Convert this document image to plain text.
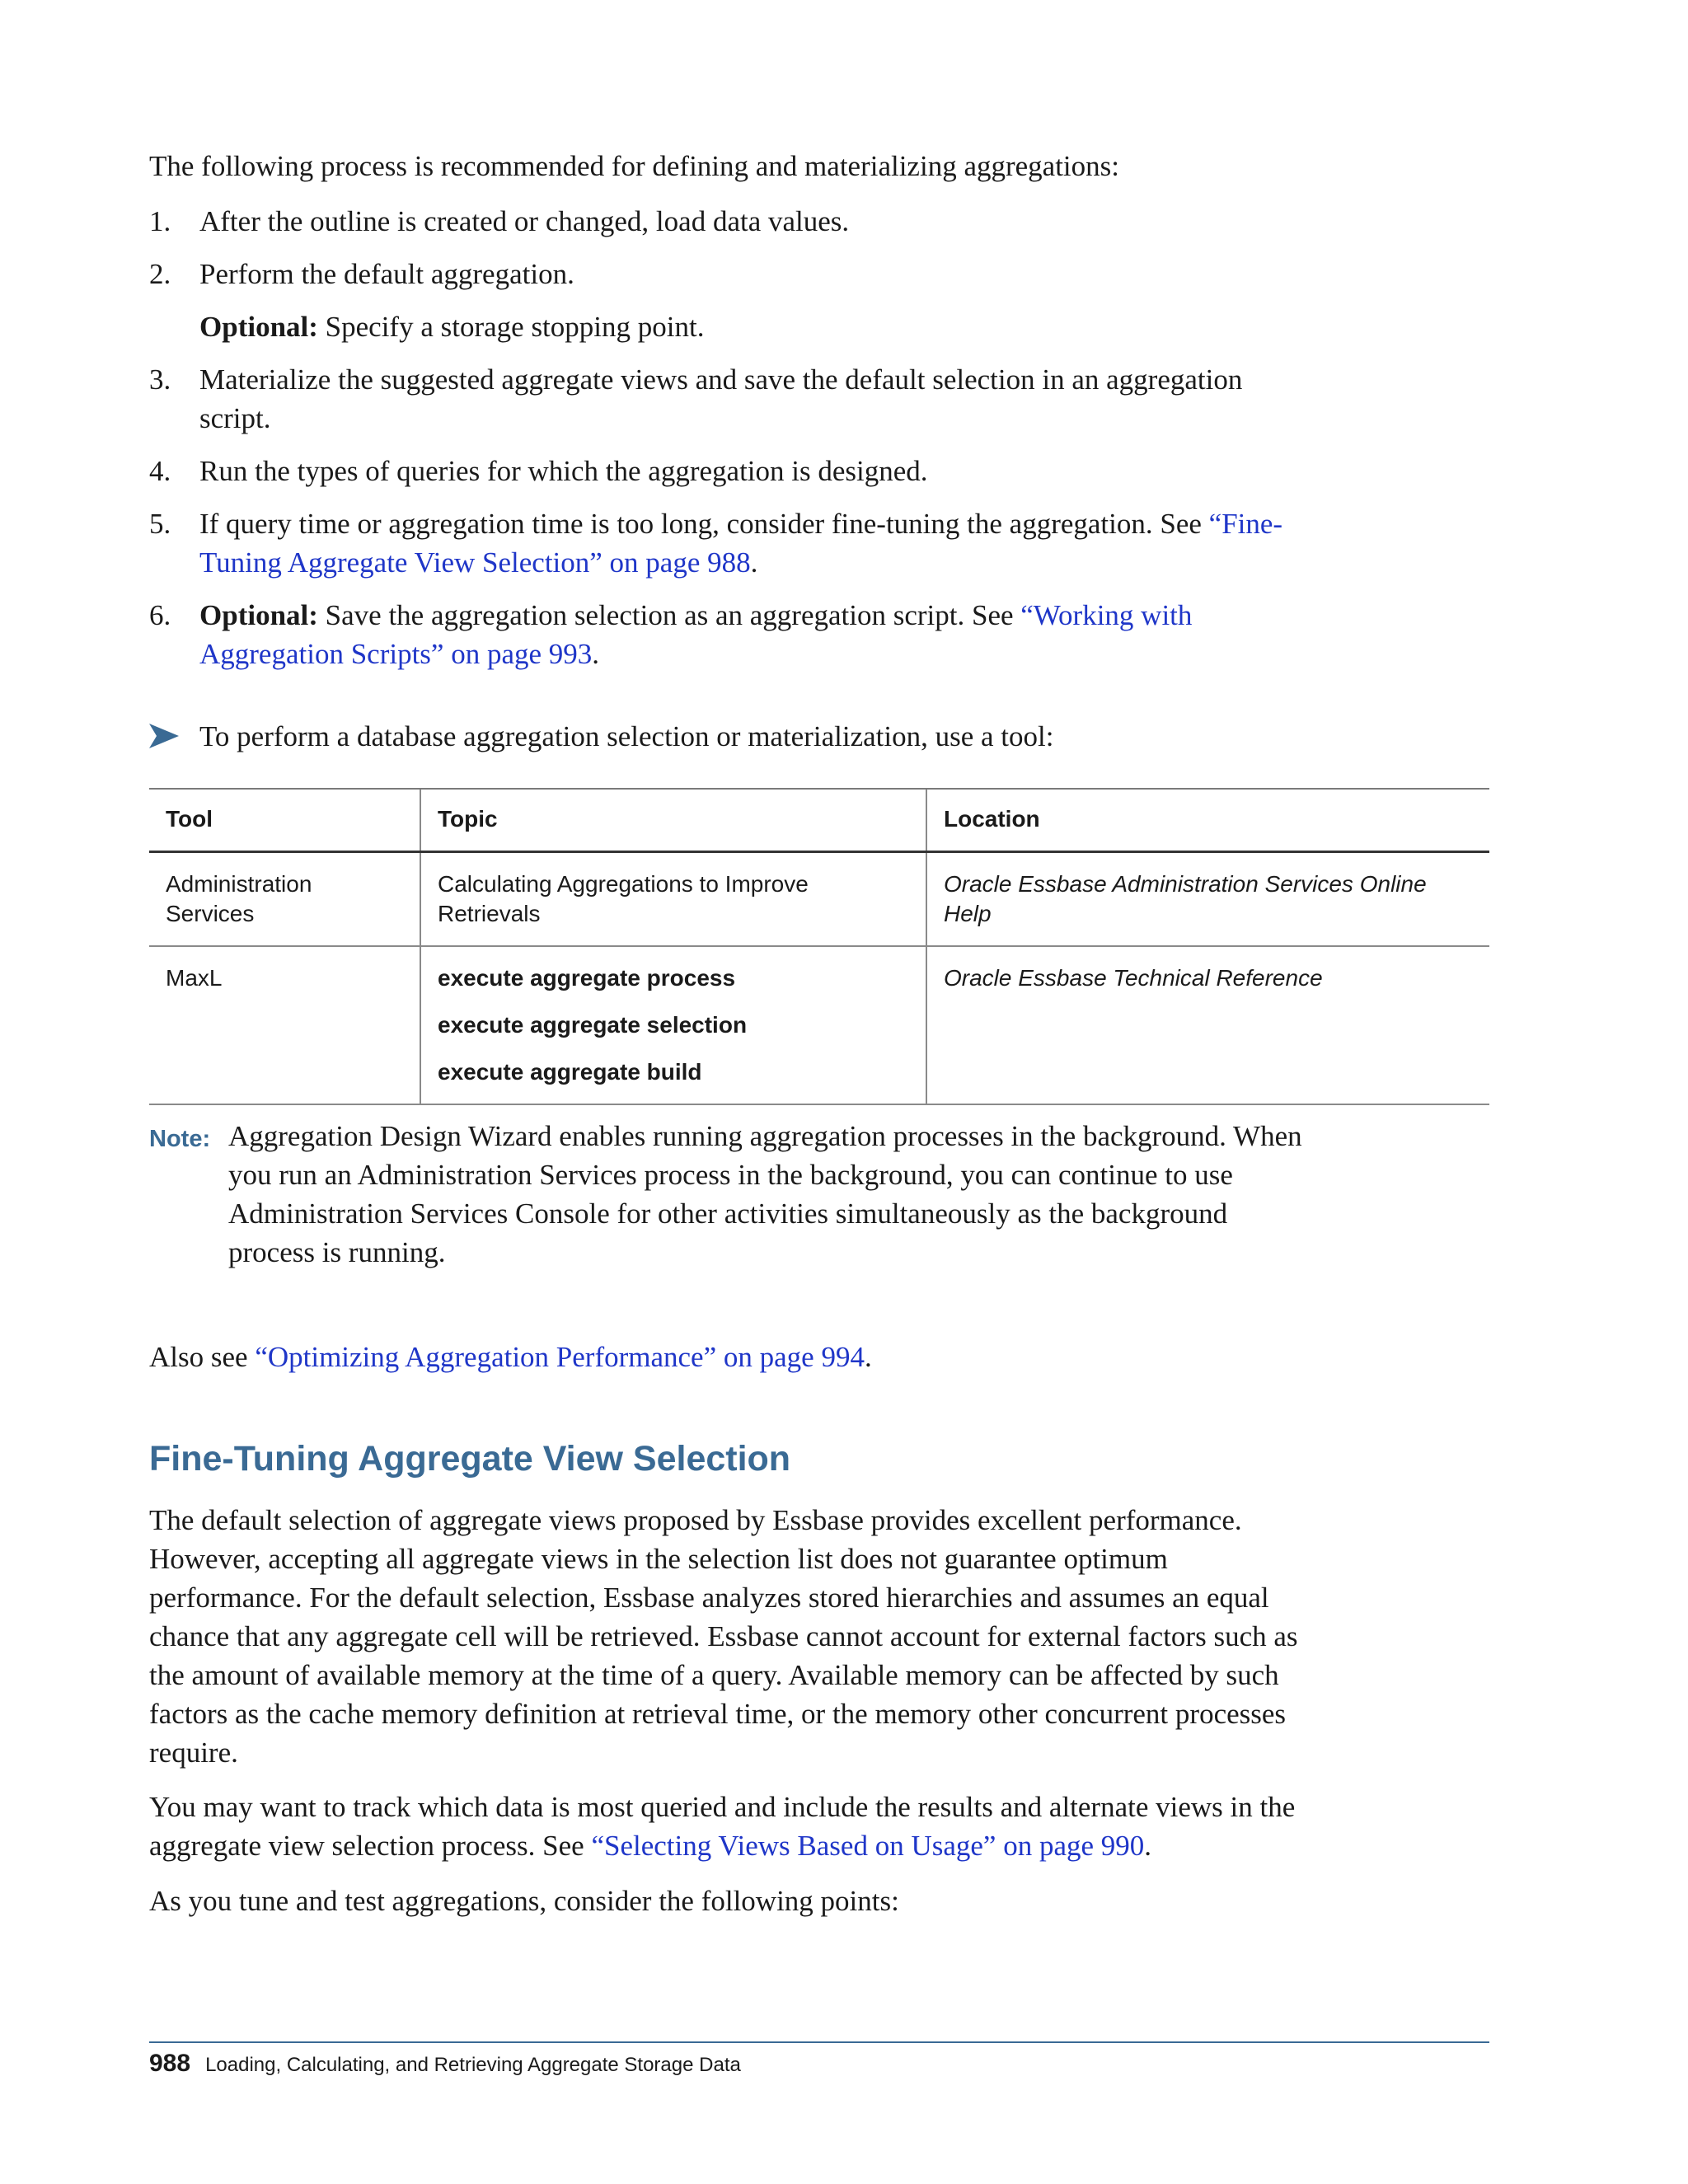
The following process is recommended for defining and materializing aggregations:
1. After the outline is created or changed, load data values.
2. Perform the default aggregation.
Optional: Specify a storage stopping point.
3. Materialize the suggested aggregate views and save the default selection in an aggregation script.
4. Run the types of queries for which the aggregation is designed.
5. If query time or aggregation time is too long, consider fine-tuning the aggregation. See “Fine-Tuning Aggregate View Selection” on page 988.
6. Optional: Save the aggregation selection as an aggregation script. See “Working with Aggregation Scripts” on page 993.
To perform a database aggregation selection or materialization, use a tool:
Tool	Topic	Location
Administration Services	Calculating Aggregations to Improve Retrievals	Oracle Essbase Administration Services Online Help
MaxL	execute aggregate process
execute aggregate selection
execute aggregate build	Oracle Essbase Technical Reference
Note: Aggregation Design Wizard enables running aggregation processes in the background. When you run an Administration Services process in the background, you can continue to use Administration Services Console for other activities simultaneously as the background process is running.
Also see “Optimizing Aggregation Performance” on page 994.
Fine-Tuning Aggregate View Selection

The default selection of aggregate views proposed by Essbase provides excellent performance. However, accepting all aggregate views in the selection list does not guarantee optimum performance. For the default selection, Essbase analyzes stored hierarchies and assumes an equal chance that any aggregate cell will be retrieved. Essbase cannot account for external factors such as the amount of available memory at the time of a query. Available memory can be affected by such factors as the cache memory definition at retrieval time, or the memory other concurrent processes require.

You may want to track which data is most queried and include the results and alternate views in the aggregate view selection process. See “Selecting Views Based on Usage” on page 990.

As you tune and test aggregations, consider the following points:

988 Loading, Calculating, and Retrieving Aggregate Storage Data
